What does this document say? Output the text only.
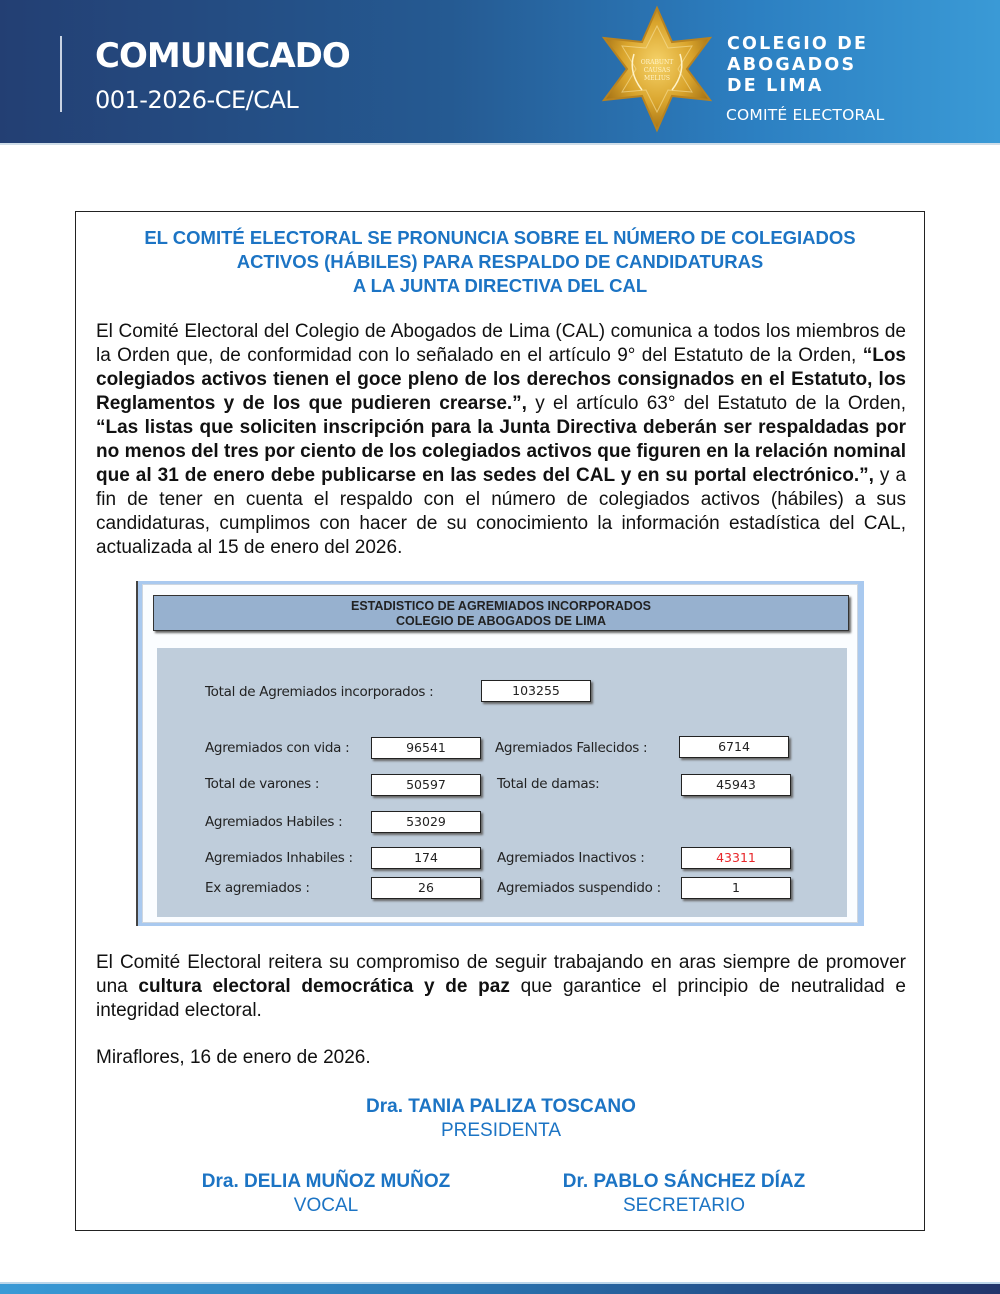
COMUNICADO
001-2026-CE/CAL
ORABUNT
CAUSAS
MELIUS
COLEGIO DE
ABOGADOS
DE LIMA
COMITÉ ELECTORAL
EL COMITÉ ELECTORAL SE PRONUNCIA SOBRE EL NÚMERO DE COLEGIADOS
ACTIVOS (HÁBILES) PARA RESPALDO DE CANDIDATURAS
A LA JUNTA DIRECTIVA DEL CAL

El Comité Electoral del Colegio de Abogados de Lima (CAL) comunica a todos los miembros de la Orden que, de conformidad con lo señalado en el artículo 9° del Estatuto de la Orden, “Los colegiados activos tienen el goce pleno de los derechos consignados en el Estatuto, los Reglamentos y de los que pudieren crearse.”, y el artículo 63° del Estatuto de la Orden, “Las listas que soliciten inscripción para la Junta Directiva deberán ser respaldadas por no menos del tres por ciento de los colegiados activos que figuren en la relación nominal que al 31 de enero debe publicarse en las sedes del CAL y en su portal electrónico.”, y a fin de tener en cuenta el respaldo con el número de colegiados activos (hábiles) a sus candidaturas, cumplimos con hacer de su conocimiento la información estadística del CAL, actualizada al 15 de enero del 2026.

ESTADISTICO DE AGREMIADOS INCORPORADOS
COLEGIO DE ABOGADOS DE LIMA
Total de Agremiados incorporados :	103255
Agremiados con vida :	96541	Agremiados Fallecidos :	6714
Total de varones :	50597	Total de damas:	45943
Agremiados Habiles :	53029
Agremiados Inhabiles :	174	Agremiados Inactivos :	43311
Ex agremiados :	26	Agremiados suspendido :	1

El Comité Electoral reitera su compromiso de seguir trabajando en aras siempre de promover una cultura electoral democrática y de paz que garantice el principio de neutralidad e integridad electoral.

Miraflores, 16 de enero de 2026.
Dra. TANIA PALIZA TOSCANO
PRESIDENTA
Dra. DELIA MUÑOZ MUÑOZ
VOCAL
Dr. PABLO SÁNCHEZ DÍAZ
SECRETARIO
